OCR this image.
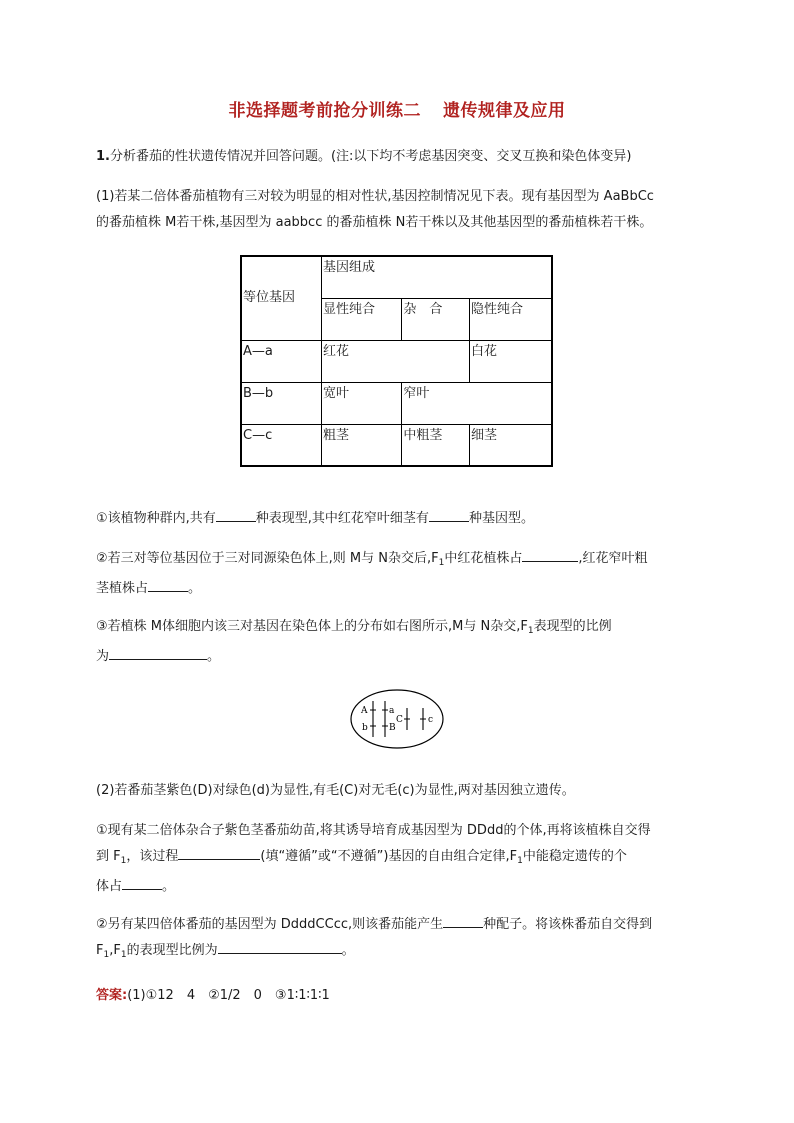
非选择题考前抢分训练二 遗传规律及应用

1.分析番茄的性状遗传情况并回答问题。(注:以下均不考虑基因突变、交叉互换和染色体变异)

(1)若某二倍体番茄植物有三对较为明显的相对性状,基因控制情况见下表。现有基因型为 AaBbCc
的番茄植株 M若干株,基因型为 aabbcc 的番茄植株 N若干株以及其他基因型的番茄植株若干株。

等位基因	基因组成		
	显性纯合	杂　合	隐性纯合
A—a	红花		白花
B—b	宽叶	窄叶	
C—c	粗茎	中粗茎	细茎

①该植物种群内,共有	种表现型,其中红花窄叶细茎有	种基因型。

②若三对等位基因位于三对同源染色体上,则 M与 N杂交后$,F_1$中红花植株占	,红花窄叶粗
茎植株占	。

③若植株 M体细胞内该三对基因在染色体上的分布如右图所示,M与 N杂交$,F_1$表现型的比例
为	。

A
b
a
B
C	c

(2)若番茄茎紫色(D)对绿色(d)为显性,有毛(C)对无毛(c)为显性,两对基因独立遗传。

①现有某二倍体杂合子紫色茎番茄幼苗,将其诱导培育成基因型为 DDdd的个体,再将该植株自交得
到 $F_1$，该过程	(填“遵循”或“不遵循”)基因的自由组合定律$,F_1$中能稳定遗传的个
体占	。

②另有某四倍体番茄的基因型为 DdddCCcc,则该番茄能产生	种配子。将该株番茄自交得到
$F_1,F_1$的表现型比例为	。

答案:(1)①12　4　②1/2　0　③1∶1∶1∶1
